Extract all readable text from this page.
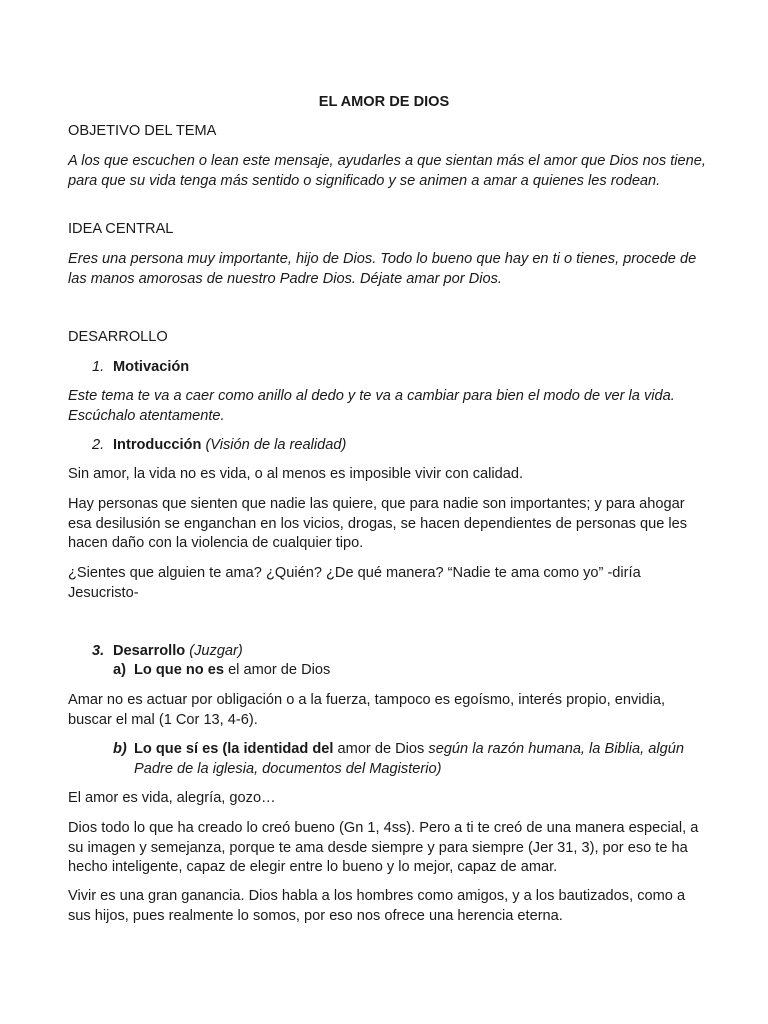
EL AMOR DE DIOS
OBJETIVO DEL TEMA

A los que escuchen o lean este mensaje, ayudarles a que sientan más el amor que Dios nos tiene, para que su vida tenga más sentido o significado y se animen a amar a quienes les rodean.

IDEA CENTRAL

Eres una persona muy importante, hijo de Dios. Todo lo bueno que hay en ti o tienes, procede de las manos amorosas de nuestro Padre Dios. Déjate amar por Dios.

DESARROLLO
1. Motivación

Este tema te va a caer como anillo al dedo y te va a cambiar para bien el modo de ver la vida. Escúchalo atentamente.

2. Introducción (Visión de la realidad)

Sin amor, la vida no es vida, o al menos es imposible vivir con calidad.

Hay personas que sienten que nadie las quiere, que para nadie son importantes; y para ahogar esa desilusión se enganchan en los vicios, drogas, se hacen dependientes de personas que les hacen daño con la violencia de cualquier tipo.

¿Sientes que alguien te ama? ¿Quién? ¿De qué manera? “Nadie te ama como yo” -diría Jesucristo-

3. Desarrollo (Juzgar)
a) Lo que no es el amor de Dios

Amar no es actuar por obligación o a la fuerza, tampoco es egoísmo, interés propio, envidia, buscar el mal (1 Cor 13, 4-6).

b) Lo que sí es (la identidad del amor de Dios según la razón humana, la Biblia, algún Padre de la iglesia, documentos del Magisterio)

El amor es vida, alegría, gozo…

Dios todo lo que ha creado lo creó bueno (Gn 1, 4ss). Pero a ti te creó de una manera especial, a su imagen y semejanza, porque te ama desde siempre y para siempre (Jer 31, 3), por eso te ha hecho inteligente, capaz de elegir entre lo bueno y lo mejor, capaz de amar.

Vivir es una gran ganancia. Dios habla a los hombres como amigos, y a los bautizados, como a sus hijos, pues realmente lo somos, por eso nos ofrece una herencia eterna.
